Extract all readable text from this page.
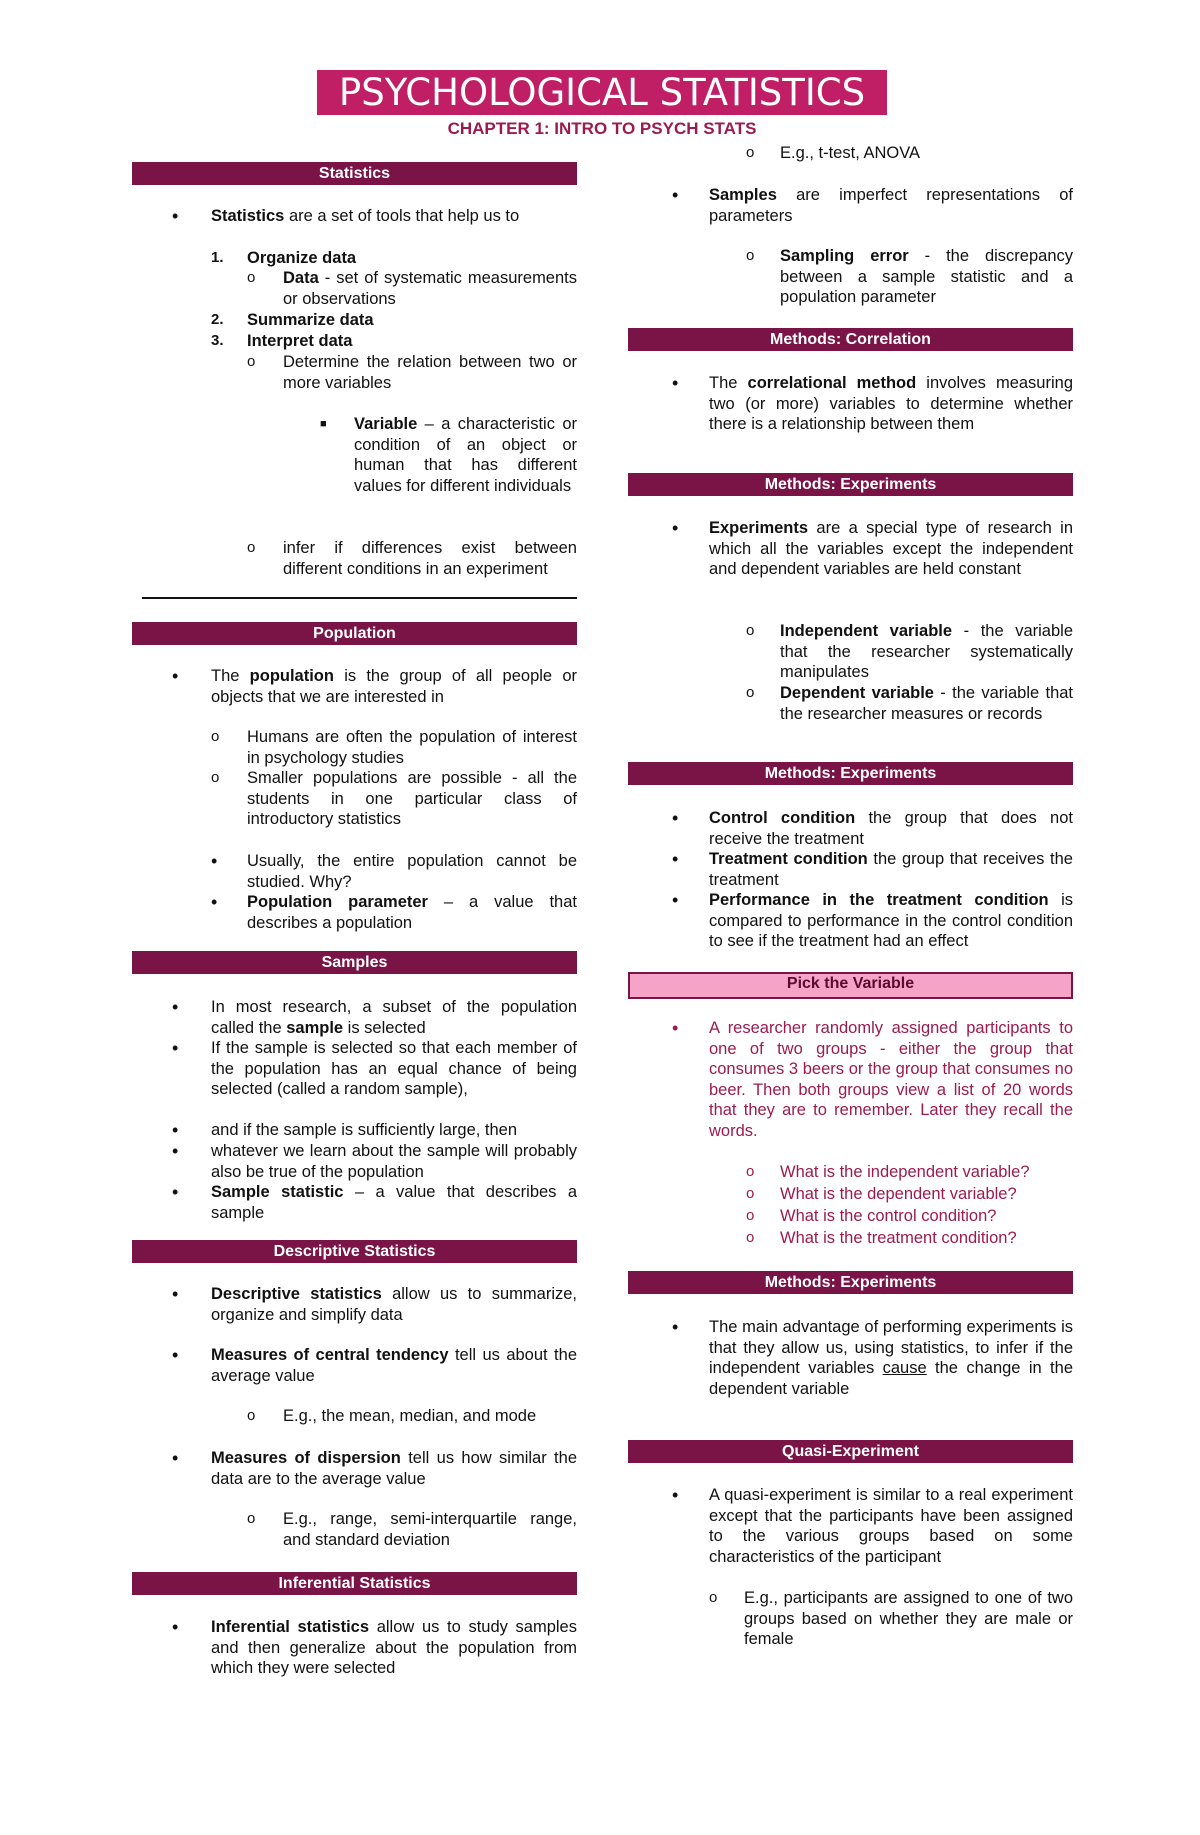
PSYCHOLOGICAL STATISTICS
CHAPTER 1: INTRO TO PSYCH STATS
Statistics
• Statistics are a set of tools that help us to
1. Organize data
o Data - set of systematic measurements or observations
2. Summarize data
3. Interpret data
o Determine the relation between two or more variables
■ Variable – a characteristic or condition of an object or human that has different values for different individuals
o infer if differences exist between different conditions in an experiment
Population
• The population is the group of all people or objects that we are interested in
o Humans are often the population of interest in psychology studies
o Smaller populations are possible - all the students in one particular class of introductory statistics
• Usually, the entire population cannot be studied. Why?
• Population parameter – a value that describes a population
Samples
• In most research, a subset of the population called the sample is selected
• If the sample is selected so that each member of the population has an equal chance of being selected (called a random sample),
• and if the sample is sufficiently large, then
• whatever we learn about the sample will probably also be true of the population
• Sample statistic – a value that describes a sample
Descriptive Statistics
• Descriptive statistics allow us to summarize, organize and simplify data
• Measures of central tendency tell us about the average value
o E.g., the mean, median, and mode
• Measures of dispersion tell us how similar the data are to the average value
o E.g., range, semi-interquartile range, and standard deviation
Inferential Statistics
• Inferential statistics allow us to study samples and then generalize about the population from which they were selected
o E.g., t-test, ANOVA
• Samples are imperfect representations of parameters
o Sampling error - the discrepancy between a sample statistic and a population parameter
Methods: Correlation
• The correlational method involves measuring two (or more) variables to determine whether there is a relationship between them
Methods: Experiments
• Experiments are a special type of research in which all the variables except the independent and dependent variables are held constant
o Independent variable - the variable that the researcher systematically manipulates
o Dependent variable - the variable that the researcher measures or records
Methods: Experiments
• Control condition the group that does not receive the treatment
• Treatment condition the group that receives the treatment
• Performance in the treatment condition is compared to performance in the control condition to see if the treatment had an effect
Pick the Variable
• A researcher randomly assigned participants to one of two groups - either the group that consumes 3 beers or the group that consumes no beer. Then both groups view a list of 20 words that they are to remember. Later they recall the words.
o What is the independent variable?
o What is the dependent variable?
o What is the control condition?
o What is the treatment condition?
Methods: Experiments
• The main advantage of performing experiments is that they allow us, using statistics, to infer if the independent variables cause the change in the dependent variable
Quasi-Experiment
• A quasi-experiment is similar to a real experiment except that the participants have been assigned to the various groups based on some characteristics of the participant
o E.g., participants are assigned to one of two groups based on whether they are male or female
